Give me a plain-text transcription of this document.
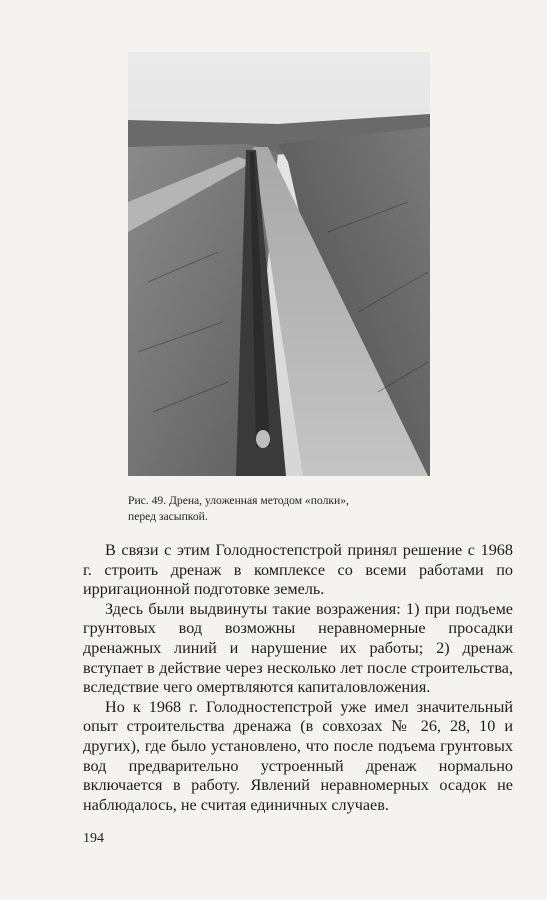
Рис. 49. Дрена, уложенная методом «полки»,
перед засыпкой.

В связи с этим Голодностепстрой принял решение с 1968 г. строить дренаж в комплексе со всеми работами по ирригационной подготовке земель.

Здесь были выдвинуты такие возражения: 1) при подъеме грунтовых вод возможны неравномерные просадки дренажных линий и нарушение их работы; 2) дренаж вступает в действие через несколько лет после строительства, вследствие чего омертвляются капиталовложения.

Но к 1968 г. Голодностепстрой уже имел значительный опыт строительства дренажа (в совхозах № 26, 28, 10 и других), где было установлено, что после подъема грунтовых вод предварительно устроенный дренаж нормально включается в работу. Явлений неравномерных осадок не наблюдалось, не считая единичных случаев.

194
